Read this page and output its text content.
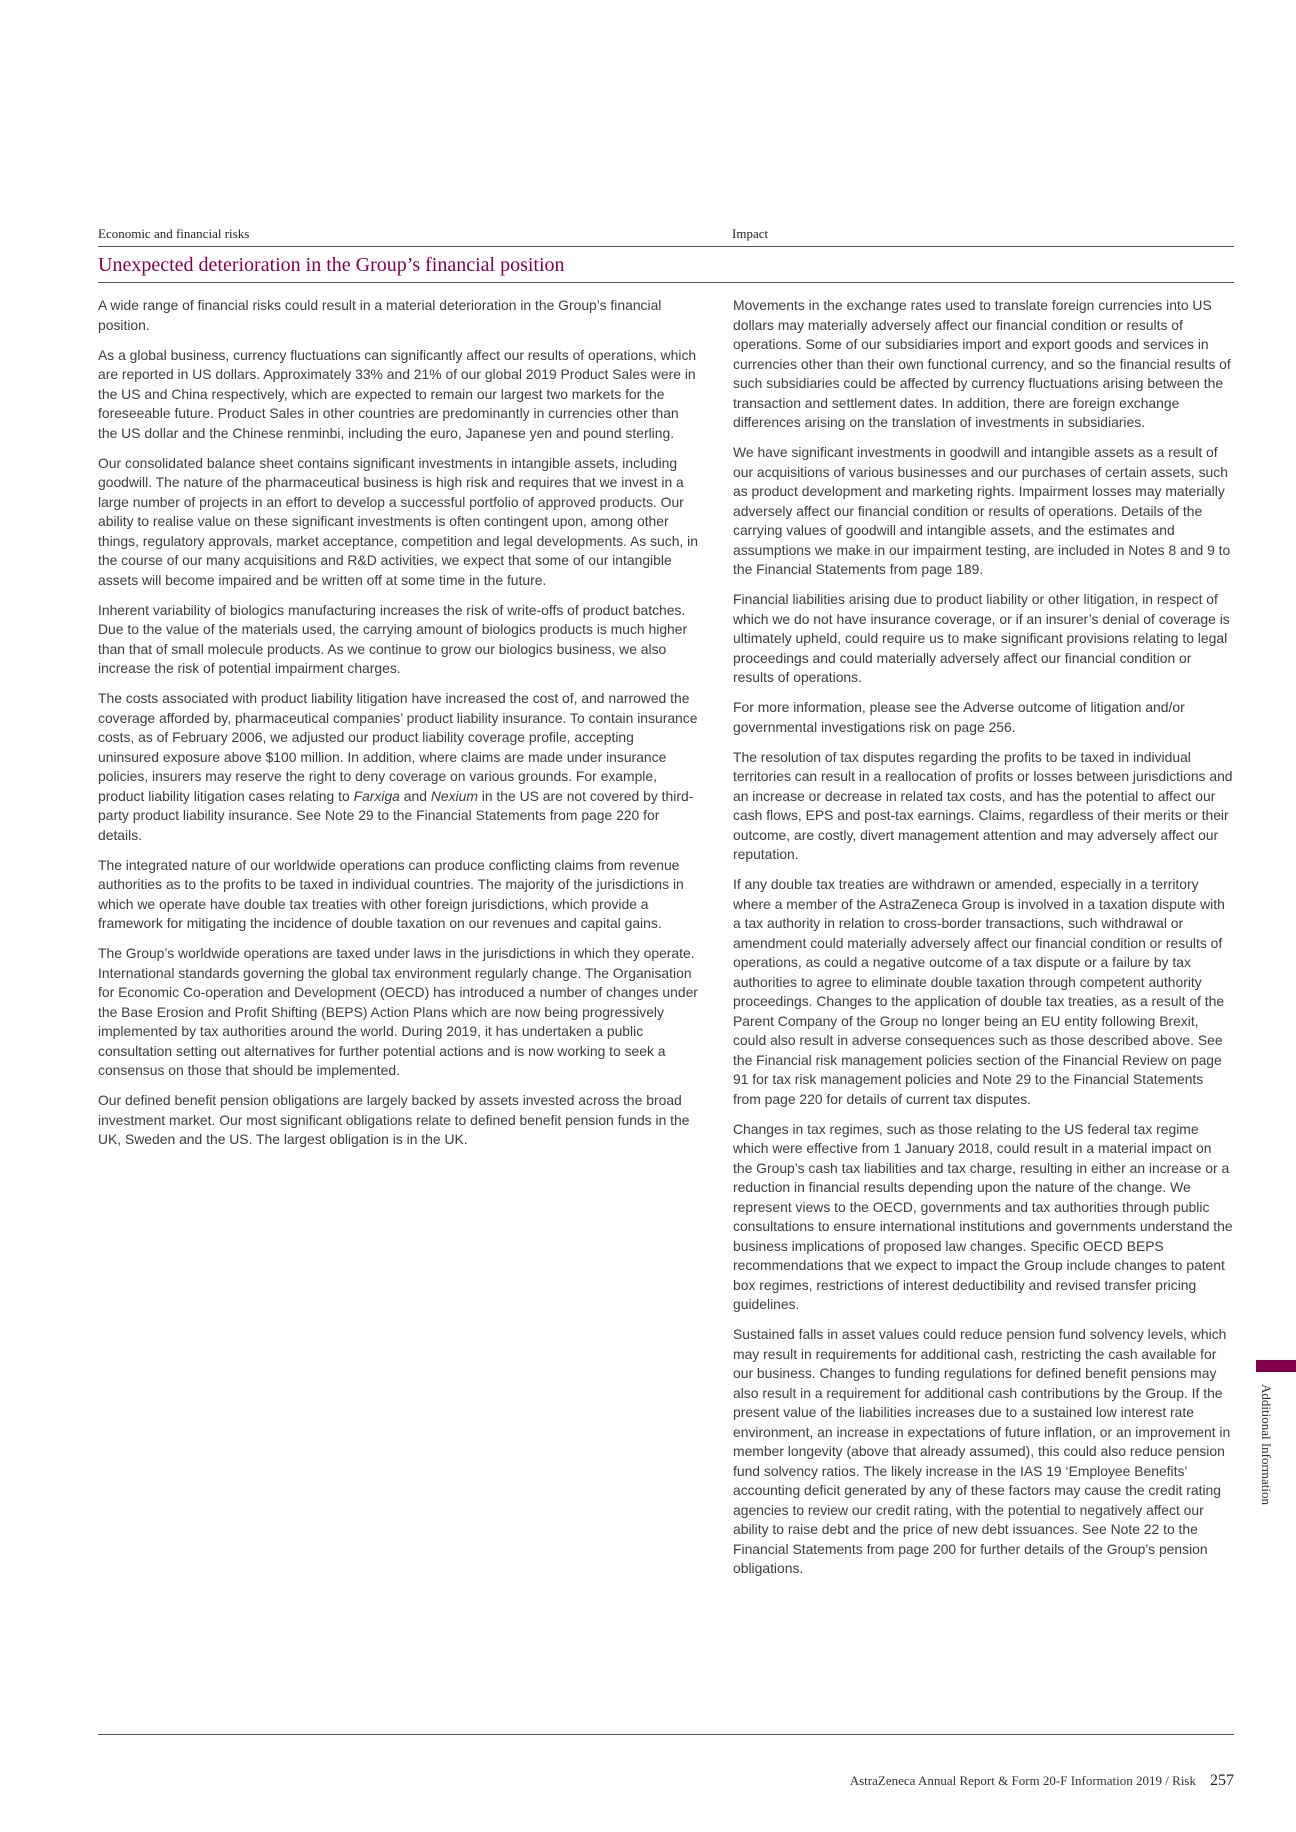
Economic and financial risks	Impact
Unexpected deterioration in the Group’s financial position

A wide range of financial risks could result in a material deterioration in the Group’s financial position.

As a global business, currency fluctuations can significantly affect our results of operations, which are reported in US dollars. Approximately 33% and 21% of our global 2019 Product Sales were in the US and China respectively, which are expected to remain our largest two markets for the foreseeable future. Product Sales in other countries are predominantly in currencies other than the US dollar and the Chinese renminbi, including the euro, Japanese yen and pound sterling.

Our consolidated balance sheet contains significant investments in intangible assets, including goodwill. The nature of the pharmaceutical business is high risk and requires that we invest in a large number of projects in an effort to develop a successful portfolio of approved products. Our ability to realise value on these significant investments is often contingent upon, among other things, regulatory approvals, market acceptance, competition and legal developments. As such, in the course of our many acquisitions and R&D activities, we expect that some of our intangible assets will become impaired and be written off at some time in the future.

Inherent variability of biologics manufacturing increases the risk of write-offs of product batches. Due to the value of the materials used, the carrying amount of biologics products is much higher than that of small molecule products. As we continue to grow our biologics business, we also increase the risk of potential impairment charges.

The costs associated with product liability litigation have increased the cost of, and narrowed the coverage afforded by, pharmaceutical companies’ product liability insurance. To contain insurance costs, as of February 2006, we adjusted our product liability coverage profile, accepting uninsured exposure above $100 million. In addition, where claims are made under insurance policies, insurers may reserve the right to deny coverage on various grounds. For example, product liability litigation cases relating to Farxiga and Nexium in the US are not covered by third-party product liability insurance. See Note 29 to the Financial Statements from page 220 for details.

The integrated nature of our worldwide operations can produce conflicting claims from revenue authorities as to the profits to be taxed in individual countries. The majority of the jurisdictions in which we operate have double tax treaties with other foreign jurisdictions, which provide a framework for mitigating the incidence of double taxation on our revenues and capital gains.

The Group’s worldwide operations are taxed under laws in the jurisdictions in which they operate. International standards governing the global tax environment regularly change. The Organisation for Economic Co-operation and Development (OECD) has introduced a number of changes under the Base Erosion and Profit Shifting (BEPS) Action Plans which are now being progressively implemented by tax authorities around the world. During 2019, it has undertaken a public consultation setting out alternatives for further potential actions and is now working to seek a consensus on those that should be implemented.

Our defined benefit pension obligations are largely backed by assets invested across the broad investment market. Our most significant obligations relate to defined benefit pension funds in the UK, Sweden and the US. The largest obligation is in the UK.

Movements in the exchange rates used to translate foreign currencies into US dollars may materially adversely affect our financial condition or results of operations. Some of our subsidiaries import and export goods and services in currencies other than their own functional currency, and so the financial results of such subsidiaries could be affected by currency fluctuations arising between the transaction and settlement dates. In addition, there are foreign exchange differences arising on the translation of investments in subsidiaries.

We have significant investments in goodwill and intangible assets as a result of our acquisitions of various businesses and our purchases of certain assets, such as product development and marketing rights. Impairment losses may materially adversely affect our financial condition or results of operations. Details of the carrying values of goodwill and intangible assets, and the estimates and assumptions we make in our impairment testing, are included in Notes 8 and 9 to the Financial Statements from page 189.

Financial liabilities arising due to product liability or other litigation, in respect of which we do not have insurance coverage, or if an insurer’s denial of coverage is ultimately upheld, could require us to make significant provisions relating to legal proceedings and could materially adversely affect our financial condition or results of operations.

For more information, please see the Adverse outcome of litigation and/or governmental investigations risk on page 256.

The resolution of tax disputes regarding the profits to be taxed in individual territories can result in a reallocation of profits or losses between jurisdictions and an increase or decrease in related tax costs, and has the potential to affect our cash flows, EPS and post-tax earnings. Claims, regardless of their merits or their outcome, are costly, divert management attention and may adversely affect our reputation.

If any double tax treaties are withdrawn or amended, especially in a territory where a member of the AstraZeneca Group is involved in a taxation dispute with a tax authority in relation to cross-border transactions, such withdrawal or amendment could materially adversely affect our financial condition or results of operations, as could a negative outcome of a tax dispute or a failure by tax authorities to agree to eliminate double taxation through competent authority proceedings. Changes to the application of double tax treaties, as a result of the Parent Company of the Group no longer being an EU entity following Brexit, could also result in adverse consequences such as those described above. See the Financial risk management policies section of the Financial Review on page 91 for tax risk management policies and Note 29 to the Financial Statements from page 220 for details of current tax disputes.

Changes in tax regimes, such as those relating to the US federal tax regime which were effective from 1 January 2018, could result in a material impact on the Group’s cash tax liabilities and tax charge, resulting in either an increase or a reduction in financial results depending upon the nature of the change. We represent views to the OECD, governments and tax authorities through public consultations to ensure international institutions and governments understand the business implications of proposed law changes. Specific OECD BEPS recommendations that we expect to impact the Group include changes to patent box regimes, restrictions of interest deductibility and revised transfer pricing guidelines.

Sustained falls in asset values could reduce pension fund solvency levels, which may result in requirements for additional cash, restricting the cash available for our business. Changes to funding regulations for defined benefit pensions may also result in a requirement for additional cash contributions by the Group. If the present value of the liabilities increases due to a sustained low interest rate environment, an increase in expectations of future inflation, or an improvement in member longevity (above that already assumed), this could also reduce pension fund solvency ratios. The likely increase in the IAS 19 ‘Employee Benefits’ accounting deficit generated by any of these factors may cause the credit rating agencies to review our credit rating, with the potential to negatively affect our ability to raise debt and the price of new debt issuances. See Note 22 to the Financial Statements from page 200 for further details of the Group’s pension obligations.

AstraZeneca Annual Report & Form 20-F Information 2019 / Risk 257
Additional Information
